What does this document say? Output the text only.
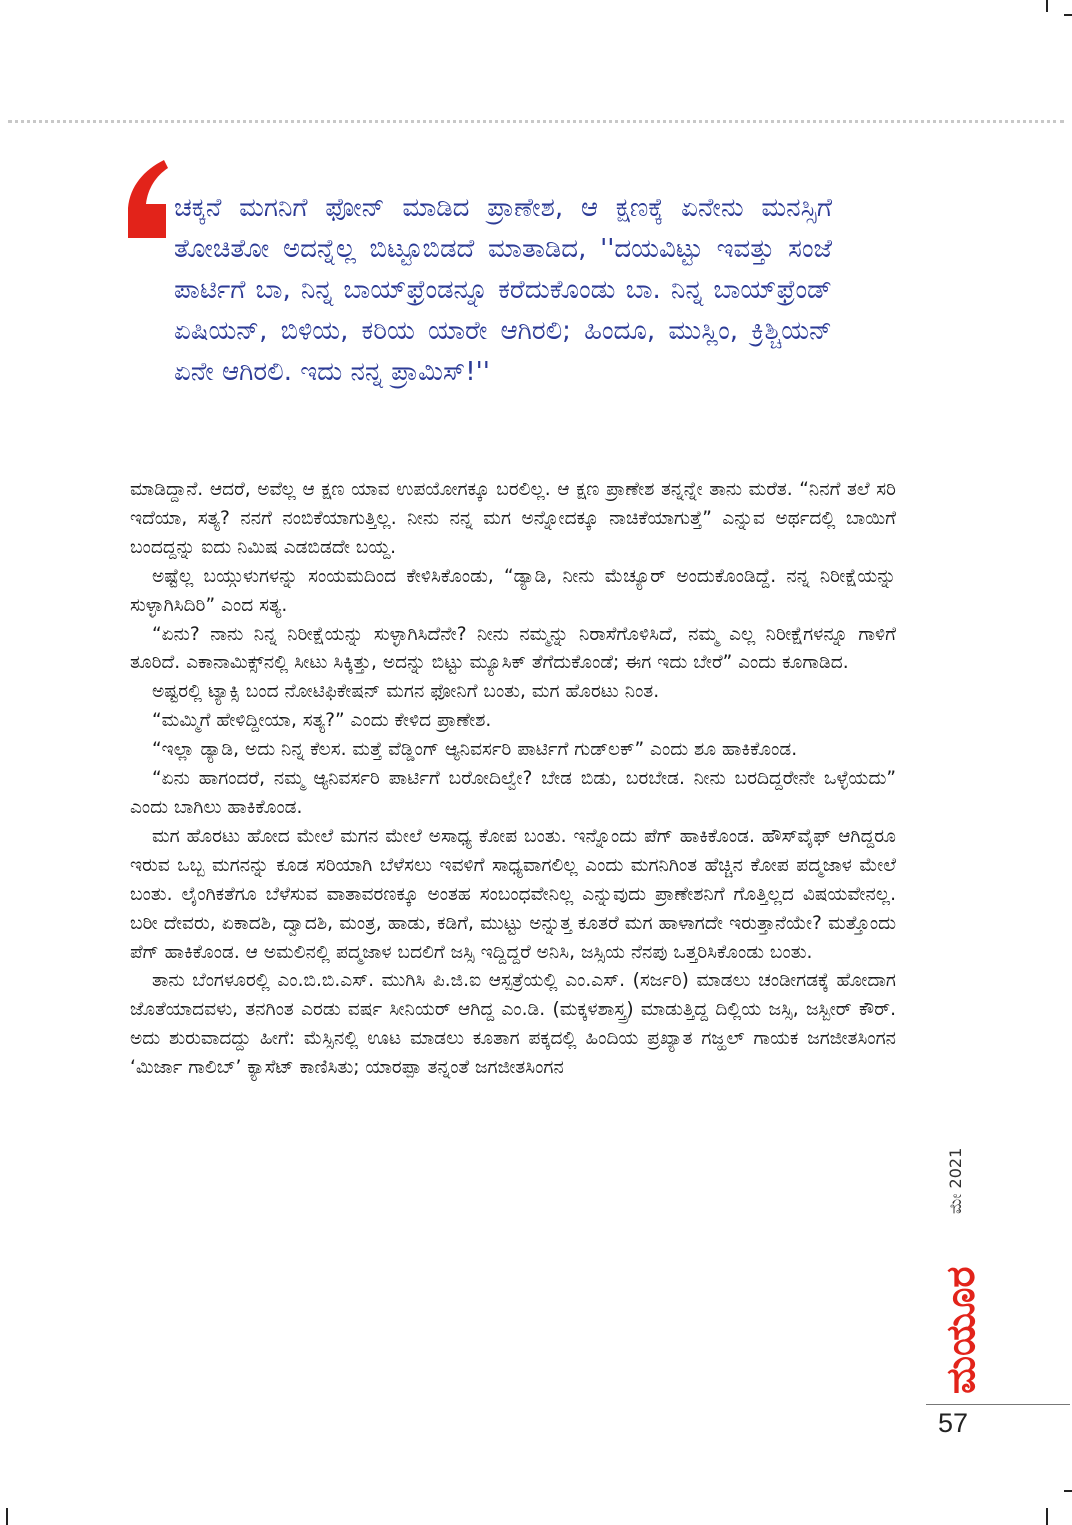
ಚಕ್ಕನೆ ಮಗನಿಗೆ ಫೋನ್ ಮಾಡಿದ ಪ್ರಾಣೇಶ, ಆ ಕ್ಷಣಕ್ಕೆ ಏನೇನು ಮನಸ್ಸಿಗೆ ತೋಚಿತೋ ಅದನ್ನೆಲ್ಲ ಬಿಟ್ಟೂಬಿಡದೆ ಮಾತಾಡಿದ, ''ದಯವಿಟ್ಟು ಇವತ್ತು ಸಂಜೆ ಪಾರ್ಟಿಗೆ ಬಾ, ನಿನ್ನ ಬಾಯ್‌ಫ್ರೆಂಡನ್ನೂ ಕರೆದುಕೊಂಡು ಬಾ. ನಿನ್ನ ಬಾಯ್‌ಫ್ರೆಂಡ್ ಏಷಿಯನ್, ಬಿಳಿಯ, ಕರಿಯ ಯಾರೇ ಆಗಿರಲಿ; ಹಿಂದೂ, ಮುಸ್ಲಿಂ, ಕ್ರಿಶ್ಚಿಯನ್ ಏನೇ ಆಗಿರಲಿ. ಇದು ನನ್ನ ಪ್ರಾಮಿಸ್!''

ಮಾಡಿದ್ದಾನೆ. ಆದರೆ, ಅವೆಲ್ಲ ಆ ಕ್ಷಣ ಯಾವ ಉಪಯೋಗಕ್ಕೂ ಬರಲಿಲ್ಲ. ಆ ಕ್ಷಣ ಪ್ರಾಣೇಶ ತನ್ನನ್ನೇ ತಾನು ಮರೆತ. “ನಿನಗೆ ತಲೆ ಸರಿ ಇದೆಯಾ, ಸತ್ಯ? ನನಗೆ ನಂಬಿಕೆಯಾಗುತ್ತಿಲ್ಲ. ನೀನು ನನ್ನ ಮಗ ಅನ್ನೋದಕ್ಕೂ ನಾಚಿಕೆಯಾಗುತ್ತೆ” ಎನ್ನುವ ಅರ್ಥದಲ್ಲಿ ಬಾಯಿಗೆ ಬಂದದ್ದನ್ನು ಐದು ನಿಮಿಷ ಎಡಬಿಡದೇ ಬಯ್ದ.

ಅಷ್ಟೆಲ್ಲ ಬಯ್ಗುಳುಗಳನ್ನು ಸಂಯಮದಿಂದ ಕೇಳಿಸಿಕೊಂಡು, “ಡ್ಯಾಡಿ, ನೀನು ಮೆಚ್ಯೂರ್ ಅಂದುಕೊಂಡಿದ್ದೆ. ನನ್ನ ನಿರೀಕ್ಷೆಯನ್ನು ಸುಳ್ಳಾಗಿಸಿದಿರಿ” ಎಂದ ಸತ್ಯ.

“ಏನು? ನಾನು ನಿನ್ನ ನಿರೀಕ್ಷೆಯನ್ನು ಸುಳ್ಳಾಗಿಸಿದೆನೇ? ನೀನು ನಮ್ಮನ್ನು ನಿರಾಸೆಗೊಳಿಸಿದೆ, ನಮ್ಮ ಎಲ್ಲ ನಿರೀಕ್ಷೆಗಳನ್ನೂ ಗಾಳಿಗೆ ತೂರಿದೆ. ಎಕಾನಾಮಿಕ್ಸ್‌ನಲ್ಲಿ ಸೀಟು ಸಿಕ್ಕಿತ್ತು, ಅದನ್ನು ಬಿಟ್ಟು ಮ್ಯೂಸಿಕ್ ತೆಗೆದುಕೊಂಡೆ; ಈಗ ಇದು ಬೇರೆ” ಎಂದು ಕೂಗಾಡಿದ.

ಅಷ್ಟರಲ್ಲಿ ಟ್ಯಾಕ್ಸಿ ಬಂದ ನೋಟಿಫಿಕೇಷನ್ ಮಗನ ಫೋನಿಗೆ ಬಂತು, ಮಗ ಹೊರಟು ನಿಂತ.

“ಮಮ್ಮಿಗೆ ಹೇಳಿದ್ದೀಯಾ, ಸತ್ಯ?” ಎಂದು ಕೇಳಿದ ಪ್ರಾಣೇಶ.

“ಇಲ್ಲಾ ಡ್ಯಾಡಿ, ಅದು ನಿನ್ನ ಕೆಲಸ. ಮತ್ತೆ ವೆಡ್ಡಿಂಗ್ ಆ್ಯನಿವರ್ಸರಿ ಪಾರ್ಟಿಗೆ ಗುಡ್‌ಲಕ್” ಎಂದು ಶೂ ಹಾಕಿಕೊಂಡ.

“ಏನು ಹಾಗಂದರೆ, ನಮ್ಮ ಆ್ಯನಿವರ್ಸರಿ ಪಾರ್ಟಿಗೆ ಬರೋದಿಲ್ವೇ? ಬೇಡ ಬಿಡು, ಬರಬೇಡ. ನೀನು ಬರದಿದ್ದರೇನೇ ಒಳ್ಳೆಯದು” ಎಂದು ಬಾಗಿಲು ಹಾಕಿಕೊಂಡ.

ಮಗ ಹೊರಟು ಹೋದ ಮೇಲೆ ಮಗನ ಮೇಲೆ ಅಸಾಧ್ಯ ಕೋಪ ಬಂತು. ಇನ್ನೊಂದು ಪೆಗ್ ಹಾಕಿಕೊಂಡ. ಹೌಸ್‌ವೈಫ್ ಆಗಿದ್ದರೂ ಇರುವ ಒಬ್ಬ ಮಗನನ್ನು ಕೂಡ ಸರಿಯಾಗಿ ಬೆಳೆಸಲು ಇವಳಿಗೆ ಸಾಧ್ಯವಾಗಲಿಲ್ಲ ಎಂದು ಮಗನಿಗಿಂತ ಹೆಚ್ಚಿನ ಕೋಪ ಪದ್ಮಜಾಳ ಮೇಲೆ ಬಂತು. ಲೈಂಗಿಕತೆಗೂ ಬೆಳೆಸುವ ವಾತಾವರಣಕ್ಕೂ ಅಂತಹ ಸಂಬಂಧವೇನಿಲ್ಲ ಎನ್ನುವುದು ಪ್ರಾಣೇಶನಿಗೆ ಗೊತ್ತಿಲ್ಲದ ವಿಷಯವೇನಲ್ಲ. ಬರೀ ದೇವರು, ಏಕಾದಶಿ, ದ್ವಾದಶಿ, ಮಂತ್ರ, ಹಾಡು, ಕಡಿಗೆ, ಮುಟ್ಟು ಅನ್ನುತ್ತ ಕೂತರೆ ಮಗ ಹಾಳಾಗದೇ ಇರುತ್ತಾನೆಯೇ? ಮತ್ತೊಂದು ಪೆಗ್ ಹಾಕಿಕೊಂಡ. ಆ ಅಮಲಿನಲ್ಲಿ ಪದ್ಮಜಾಳ ಬದಲಿಗೆ ಜಸ್ಸಿ ಇದ್ದಿದ್ದರೆ ಅನಿಸಿ, ಜಸ್ಸಿಯ ನೆನಪು ಒತ್ತರಿಸಿಕೊಂಡು ಬಂತು.

ತಾನು ಬೆಂಗಳೂರಲ್ಲಿ ಎಂ.ಬಿ.ಬಿ.ಎಸ್. ಮುಗಿಸಿ ಪಿ.ಜಿ.ಐ ಆಸ್ಪತ್ರೆಯಲ್ಲಿ ಎಂ.ಎಸ್. (ಸರ್ಜರಿ) ಮಾಡಲು ಚಂಡೀಗಡಕ್ಕೆ ಹೋದಾಗ ಜೊತೆಯಾದವಳು, ತನಗಿಂತ ಎರಡು ವರ್ಷ ಸೀನಿಯರ್ ಆಗಿದ್ದ ಎಂ.ಡಿ. (ಮಕ್ಕಳಶಾಸ್ತ್ರ) ಮಾಡುತ್ತಿದ್ದ ದಿಲ್ಲಿಯ ಜಸ್ಸಿ, ಜಸ್ಬೀರ್ ಕೌರ್. ಅದು ಶುರುವಾದದ್ದು ಹೀಗೆ: ಮೆಸ್ಸಿನಲ್ಲಿ ಊಟ ಮಾಡಲು ಕೂತಾಗ ಪಕ್ಕದಲ್ಲಿ ಹಿಂದಿಯ ಪ್ರಖ್ಯಾತ ಗಜ್ಹಲ್ ಗಾಯಕ ಜಗಜೀತಸಿಂಗನ ‘ಮಿರ್ಜಾ ಗಾಲಿಬ್’ ಕ್ಯಾಸೆಟ್ ಕಾಣಿಸಿತು; ಯಾರಪ್ಪಾ ತನ್ನಂತೆ ಜಗಜೀತಸಿಂಗನ

ಮೇ 2021
ಮಯೂರ
57
